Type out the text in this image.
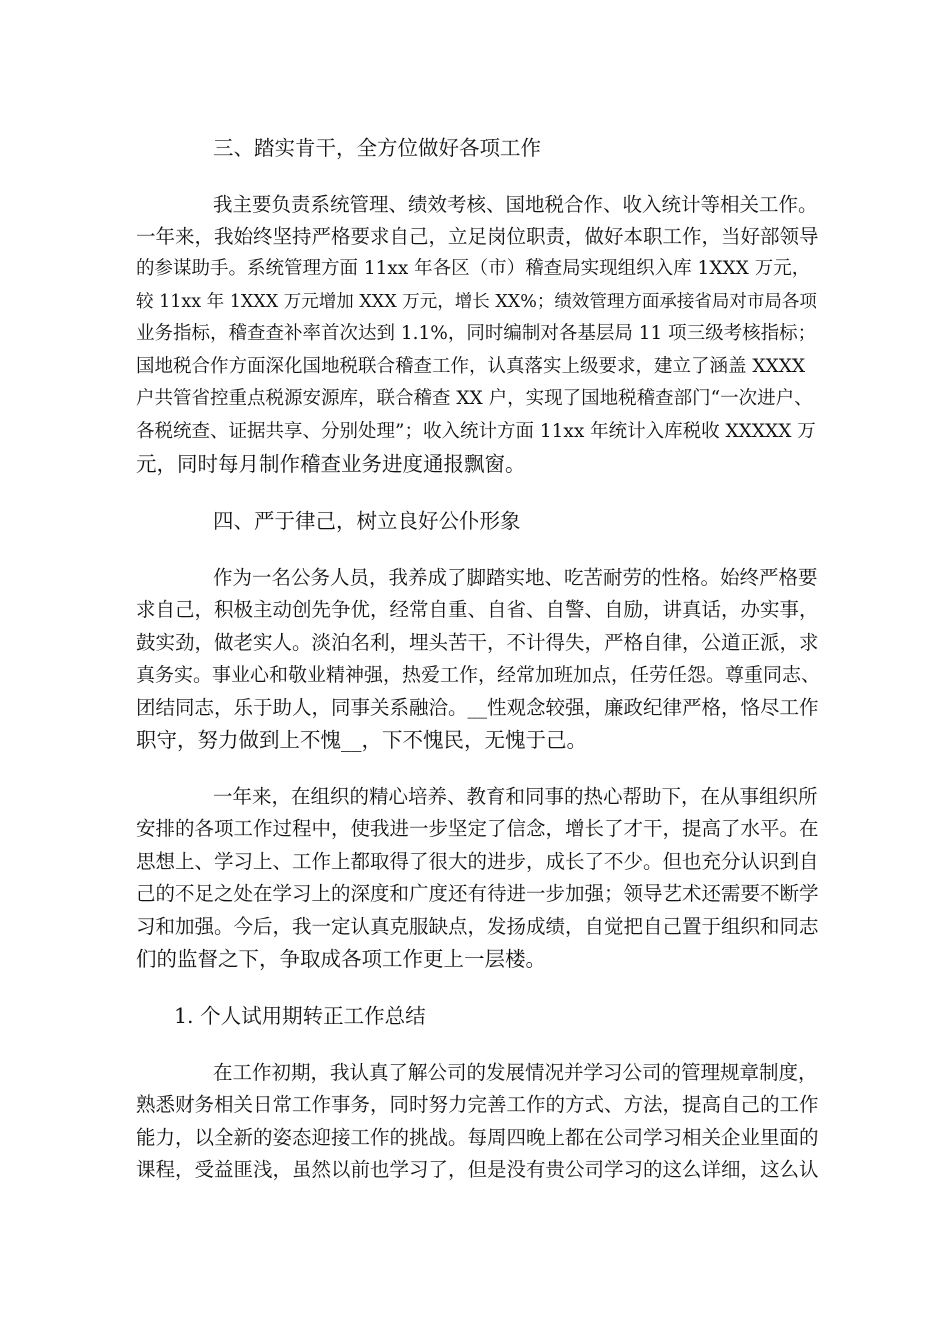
三、踏实肯干，全方位做好各项工作

我主要负责系统管理、绩效考核、国地税合作、收入统计等相关工作。

一年来，我始终坚持严格要求自己，立足岗位职责，做好本职工作，当好部领导

的参谋助手。系统管理方面 11xx 年各区（市）稽查局实现组织入库 1XXX 万元，

较 11xx 年 1XXX 万元增加 XXX 万元，增长 XX%；绩效管理方面承接省局对市局各项

业务指标，稽查查补率首次达到 1.1%，同时编制对各基层局 11 项三级考核指标；

国地税合作方面深化国地税联合稽查工作，认真落实上级要求，建立了涵盖 XXXX

户共管省控重点税源安源库，联合稽查 XX 户，实现了国地税稽查部门“一次进户、

各税统查、证据共享、分别处理”；收入统计方面 11xx 年统计入库税收 XXXXX 万

元，同时每月制作稽查业务进度通报飘窗。

四、严于律己，树立良好公仆形象

作为一名公务人员，我养成了脚踏实地、吃苦耐劳的性格。始终严格要

求自己，积极主动创先争优，经常自重、自省、自警、自励，讲真话，办实事，

鼓实劲，做老实人。淡泊名利，埋头苦干，不计得失，严格自律，公道正派，求

真务实。事业心和敬业精神强，热爱工作，经常加班加点，任劳任怨。尊重同志、

团结同志，乐于助人，同事关系融洽。__性观念较强，廉政纪律严格，恪尽工作

职守，努力做到上不愧__，下不愧民，无愧于己。

一年来，在组织的精心培养、教育和同事的热心帮助下，在从事组织所

安排的各项工作过程中，使我进一步坚定了信念，增长了才干，提高了水平。在

思想上、学习上、工作上都取得了很大的进步，成长了不少。但也充分认识到自

己的不足之处在学习上的深度和广度还有待进一步加强；领导艺术还需要不断学

习和加强。今后，我一定认真克服缺点，发扬成绩，自觉把自己置于组织和同志

们的监督之下，争取成各项工作更上一层楼。

1. 个人试用期转正工作总结

在工作初期，我认真了解公司的发展情况并学习公司的管理规章制度，

熟悉财务相关日常工作事务，同时努力完善工作的方式、方法，提高自己的工作

能力，以全新的姿态迎接工作的挑战。每周四晚上都在公司学习相关企业里面的

课程，受益匪浅，虽然以前也学习了，但是没有贵公司学习的这么详细，这么认
